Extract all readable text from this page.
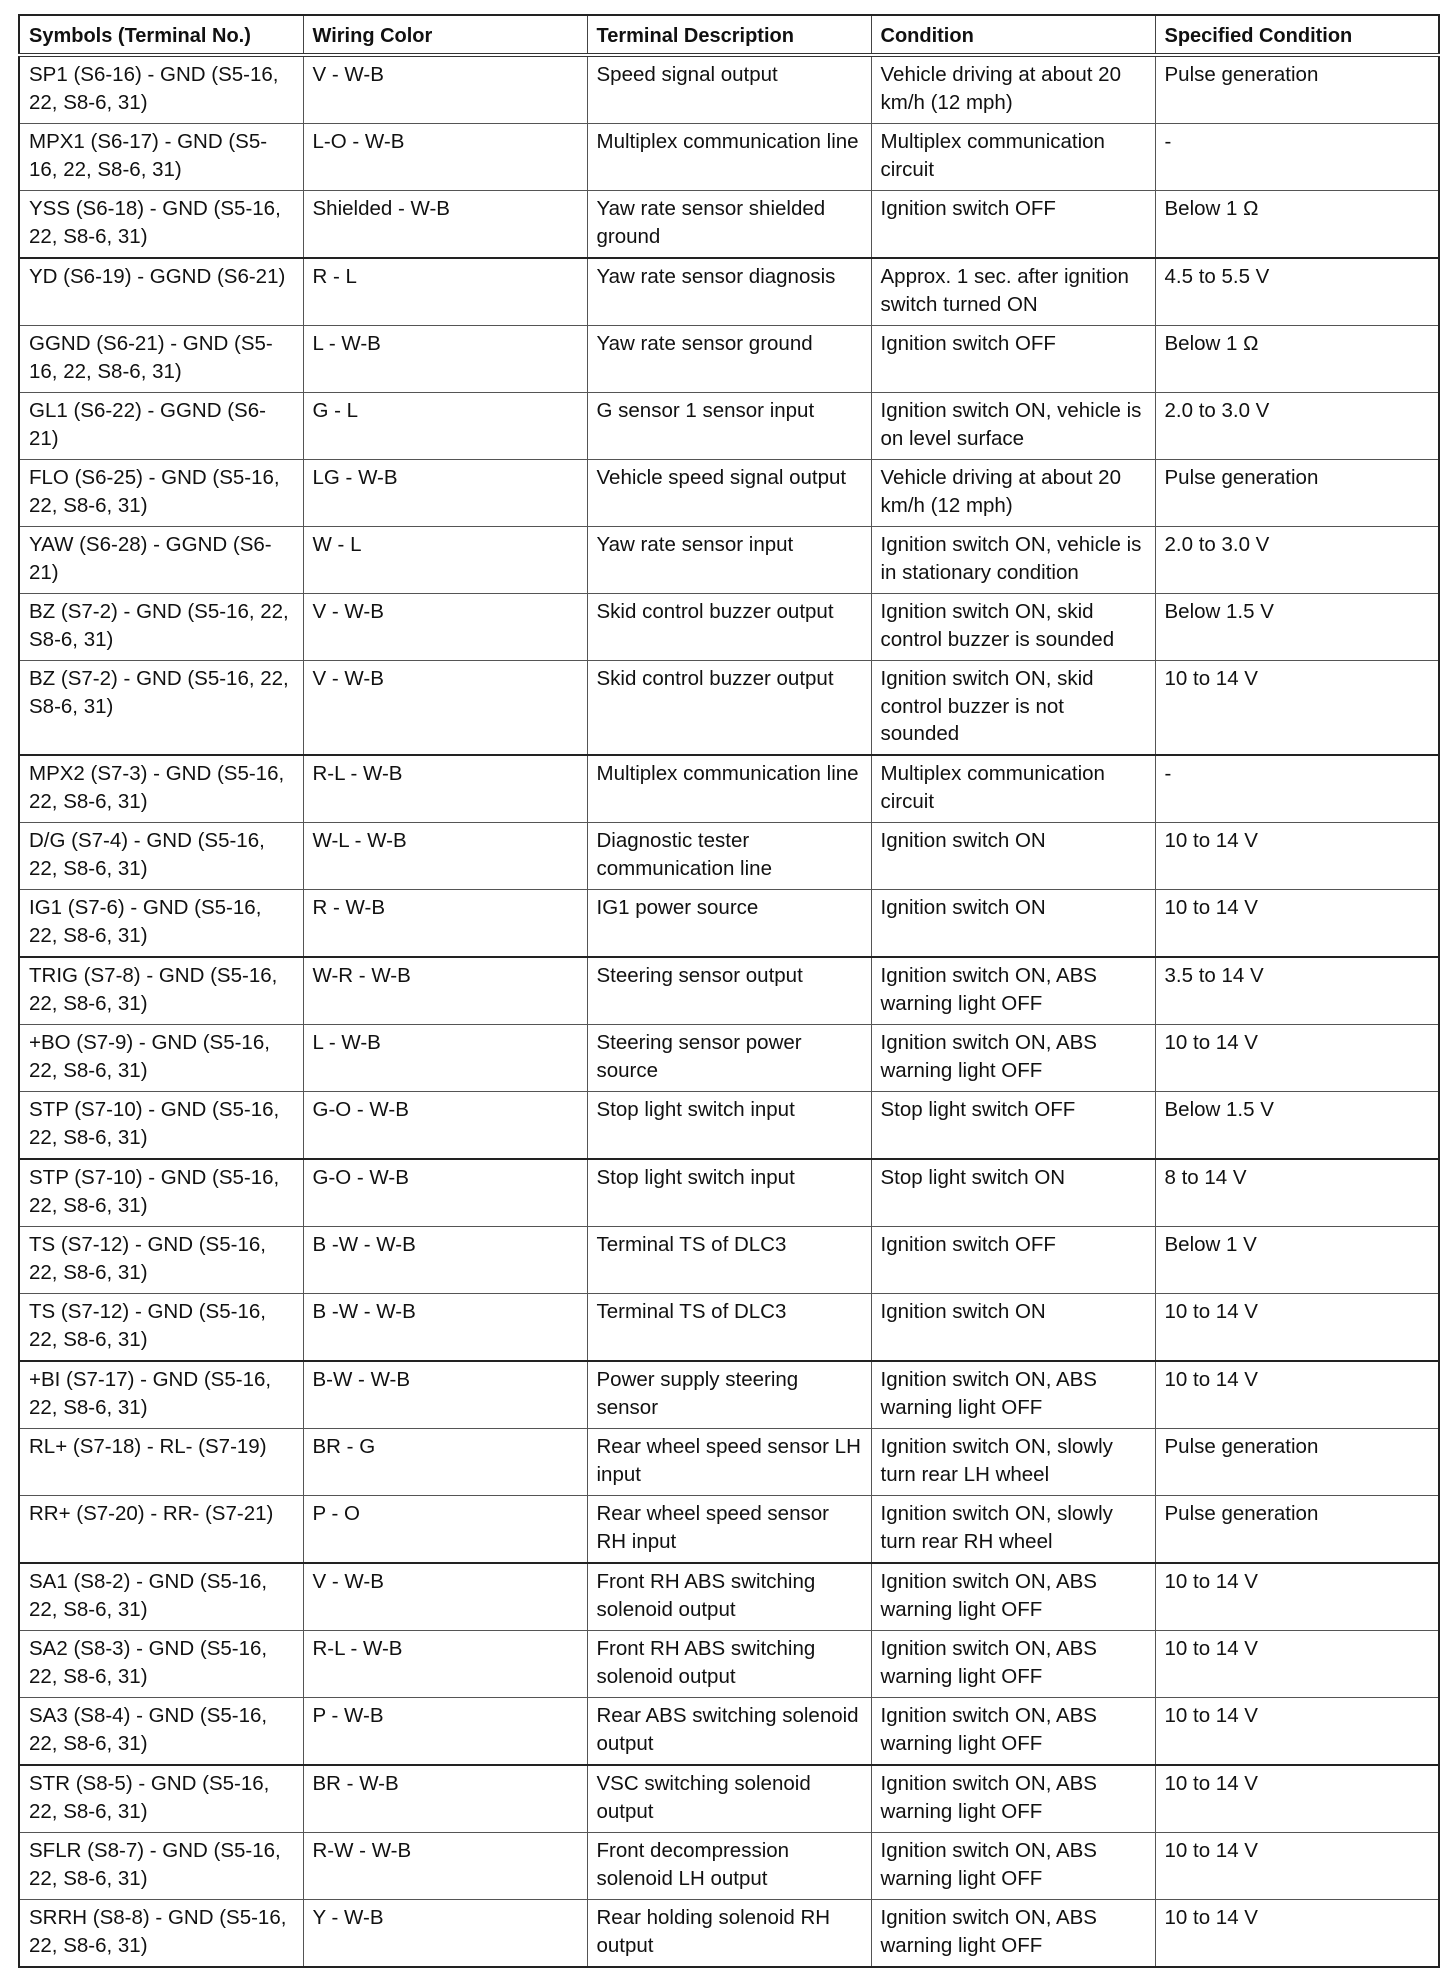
Symbols (Terminal No.)	Wiring Color	Terminal Description	Condition	Specified Condition
SP1 (S6-16) - GND (S5-16, 22, S8-6, 31)	V - W-B	Speed signal output	Vehicle driving at about 20 km/h (12 mph)	Pulse generation
MPX1 (S6-17) - GND (S5-16, 22, S8-6, 31)	L-O - W-B	Multiplex communication line	Multiplex communication circuit	-
YSS (S6-18) - GND (S5-16, 22, S8-6, 31)	Shielded - W-B	Yaw rate sensor shielded ground	Ignition switch OFF	Below 1 Ω
YD (S6-19) - GGND (S6-21)	R - L	Yaw rate sensor diagnosis	Approx. 1 sec. after ignition switch turned ON	4.5 to 5.5 V
GGND (S6-21) - GND (S5-16, 22, S8-6, 31)	L - W-B	Yaw rate sensor ground	Ignition switch OFF	Below 1 Ω
GL1 (S6-22) - GGND (S6-21)	G - L	G sensor 1 sensor input	Ignition switch ON, vehicle is on level surface	2.0 to 3.0 V
FLO (S6-25) - GND (S5-16, 22, S8-6, 31)	LG - W-B	Vehicle speed signal output	Vehicle driving at about 20 km/h (12 mph)	Pulse generation
YAW (S6-28) - GGND (S6-21)	W - L	Yaw rate sensor input	Ignition switch ON, vehicle is in stationary condition	2.0 to 3.0 V
BZ (S7-2) - GND (S5-16, 22, S8-6, 31)	V - W-B	Skid control buzzer output	Ignition switch ON, skid control buzzer is sounded	Below 1.5 V
BZ (S7-2) - GND (S5-16, 22, S8-6, 31)	V - W-B	Skid control buzzer output	Ignition switch ON, skid control buzzer is not sounded	10 to 14 V
MPX2 (S7-3) - GND (S5-16, 22, S8-6, 31)	R-L - W-B	Multiplex communication line	Multiplex communication circuit	-
D/G (S7-4) - GND (S5-16, 22, S8-6, 31)	W-L - W-B	Diagnostic tester communication line	Ignition switch ON	10 to 14 V
IG1 (S7-6) - GND (S5-16, 22, S8-6, 31)	R - W-B	IG1 power source	Ignition switch ON	10 to 14 V
TRIG (S7-8) - GND (S5-16, 22, S8-6, 31)	W-R - W-B	Steering sensor output	Ignition switch ON, ABS warning light OFF	3.5 to 14 V
+BO (S7-9) - GND (S5-16, 22, S8-6, 31)	L - W-B	Steering sensor power source	Ignition switch ON, ABS warning light OFF	10 to 14 V
STP (S7-10) - GND (S5-16, 22, S8-6, 31)	G-O - W-B	Stop light switch input	Stop light switch OFF	Below 1.5 V
STP (S7-10) - GND (S5-16, 22, S8-6, 31)	G-O - W-B	Stop light switch input	Stop light switch ON	8 to 14 V
TS (S7-12) - GND (S5-16, 22, S8-6, 31)	B -W - W-B	Terminal TS of DLC3	Ignition switch OFF	Below 1 V
TS (S7-12) - GND (S5-16, 22, S8-6, 31)	B -W - W-B	Terminal TS of DLC3	Ignition switch ON	10 to 14 V
+BI (S7-17) - GND (S5-16, 22, S8-6, 31)	B-W - W-B	Power supply steering sensor	Ignition switch ON, ABS warning light OFF	10 to 14 V
RL+ (S7-18) - RL- (S7-19)	BR - G	Rear wheel speed sensor LH input	Ignition switch ON, slowly turn rear LH wheel	Pulse generation
RR+ (S7-20) - RR- (S7-21)	P - O	Rear wheel speed sensor RH input	Ignition switch ON, slowly turn rear RH wheel	Pulse generation
SA1 (S8-2) - GND (S5-16, 22, S8-6, 31)	V - W-B	Front RH ABS switching solenoid output	Ignition switch ON, ABS warning light OFF	10 to 14 V
SA2 (S8-3) - GND (S5-16, 22, S8-6, 31)	R-L - W-B	Front RH ABS switching solenoid output	Ignition switch ON, ABS warning light OFF	10 to 14 V
SA3 (S8-4) - GND (S5-16, 22, S8-6, 31)	P - W-B	Rear ABS switching solenoid output	Ignition switch ON, ABS warning light OFF	10 to 14 V
STR (S8-5) - GND (S5-16, 22, S8-6, 31)	BR - W-B	VSC switching solenoid output	Ignition switch ON, ABS warning light OFF	10 to 14 V
SFLR (S8-7) - GND (S5-16, 22, S8-6, 31)	R-W - W-B	Front decompression solenoid LH output	Ignition switch ON, ABS warning light OFF	10 to 14 V
SRRH (S8-8) - GND (S5-16, 22, S8-6, 31)	Y - W-B	Rear holding solenoid RH output	Ignition switch ON, ABS warning light OFF	10 to 14 V
